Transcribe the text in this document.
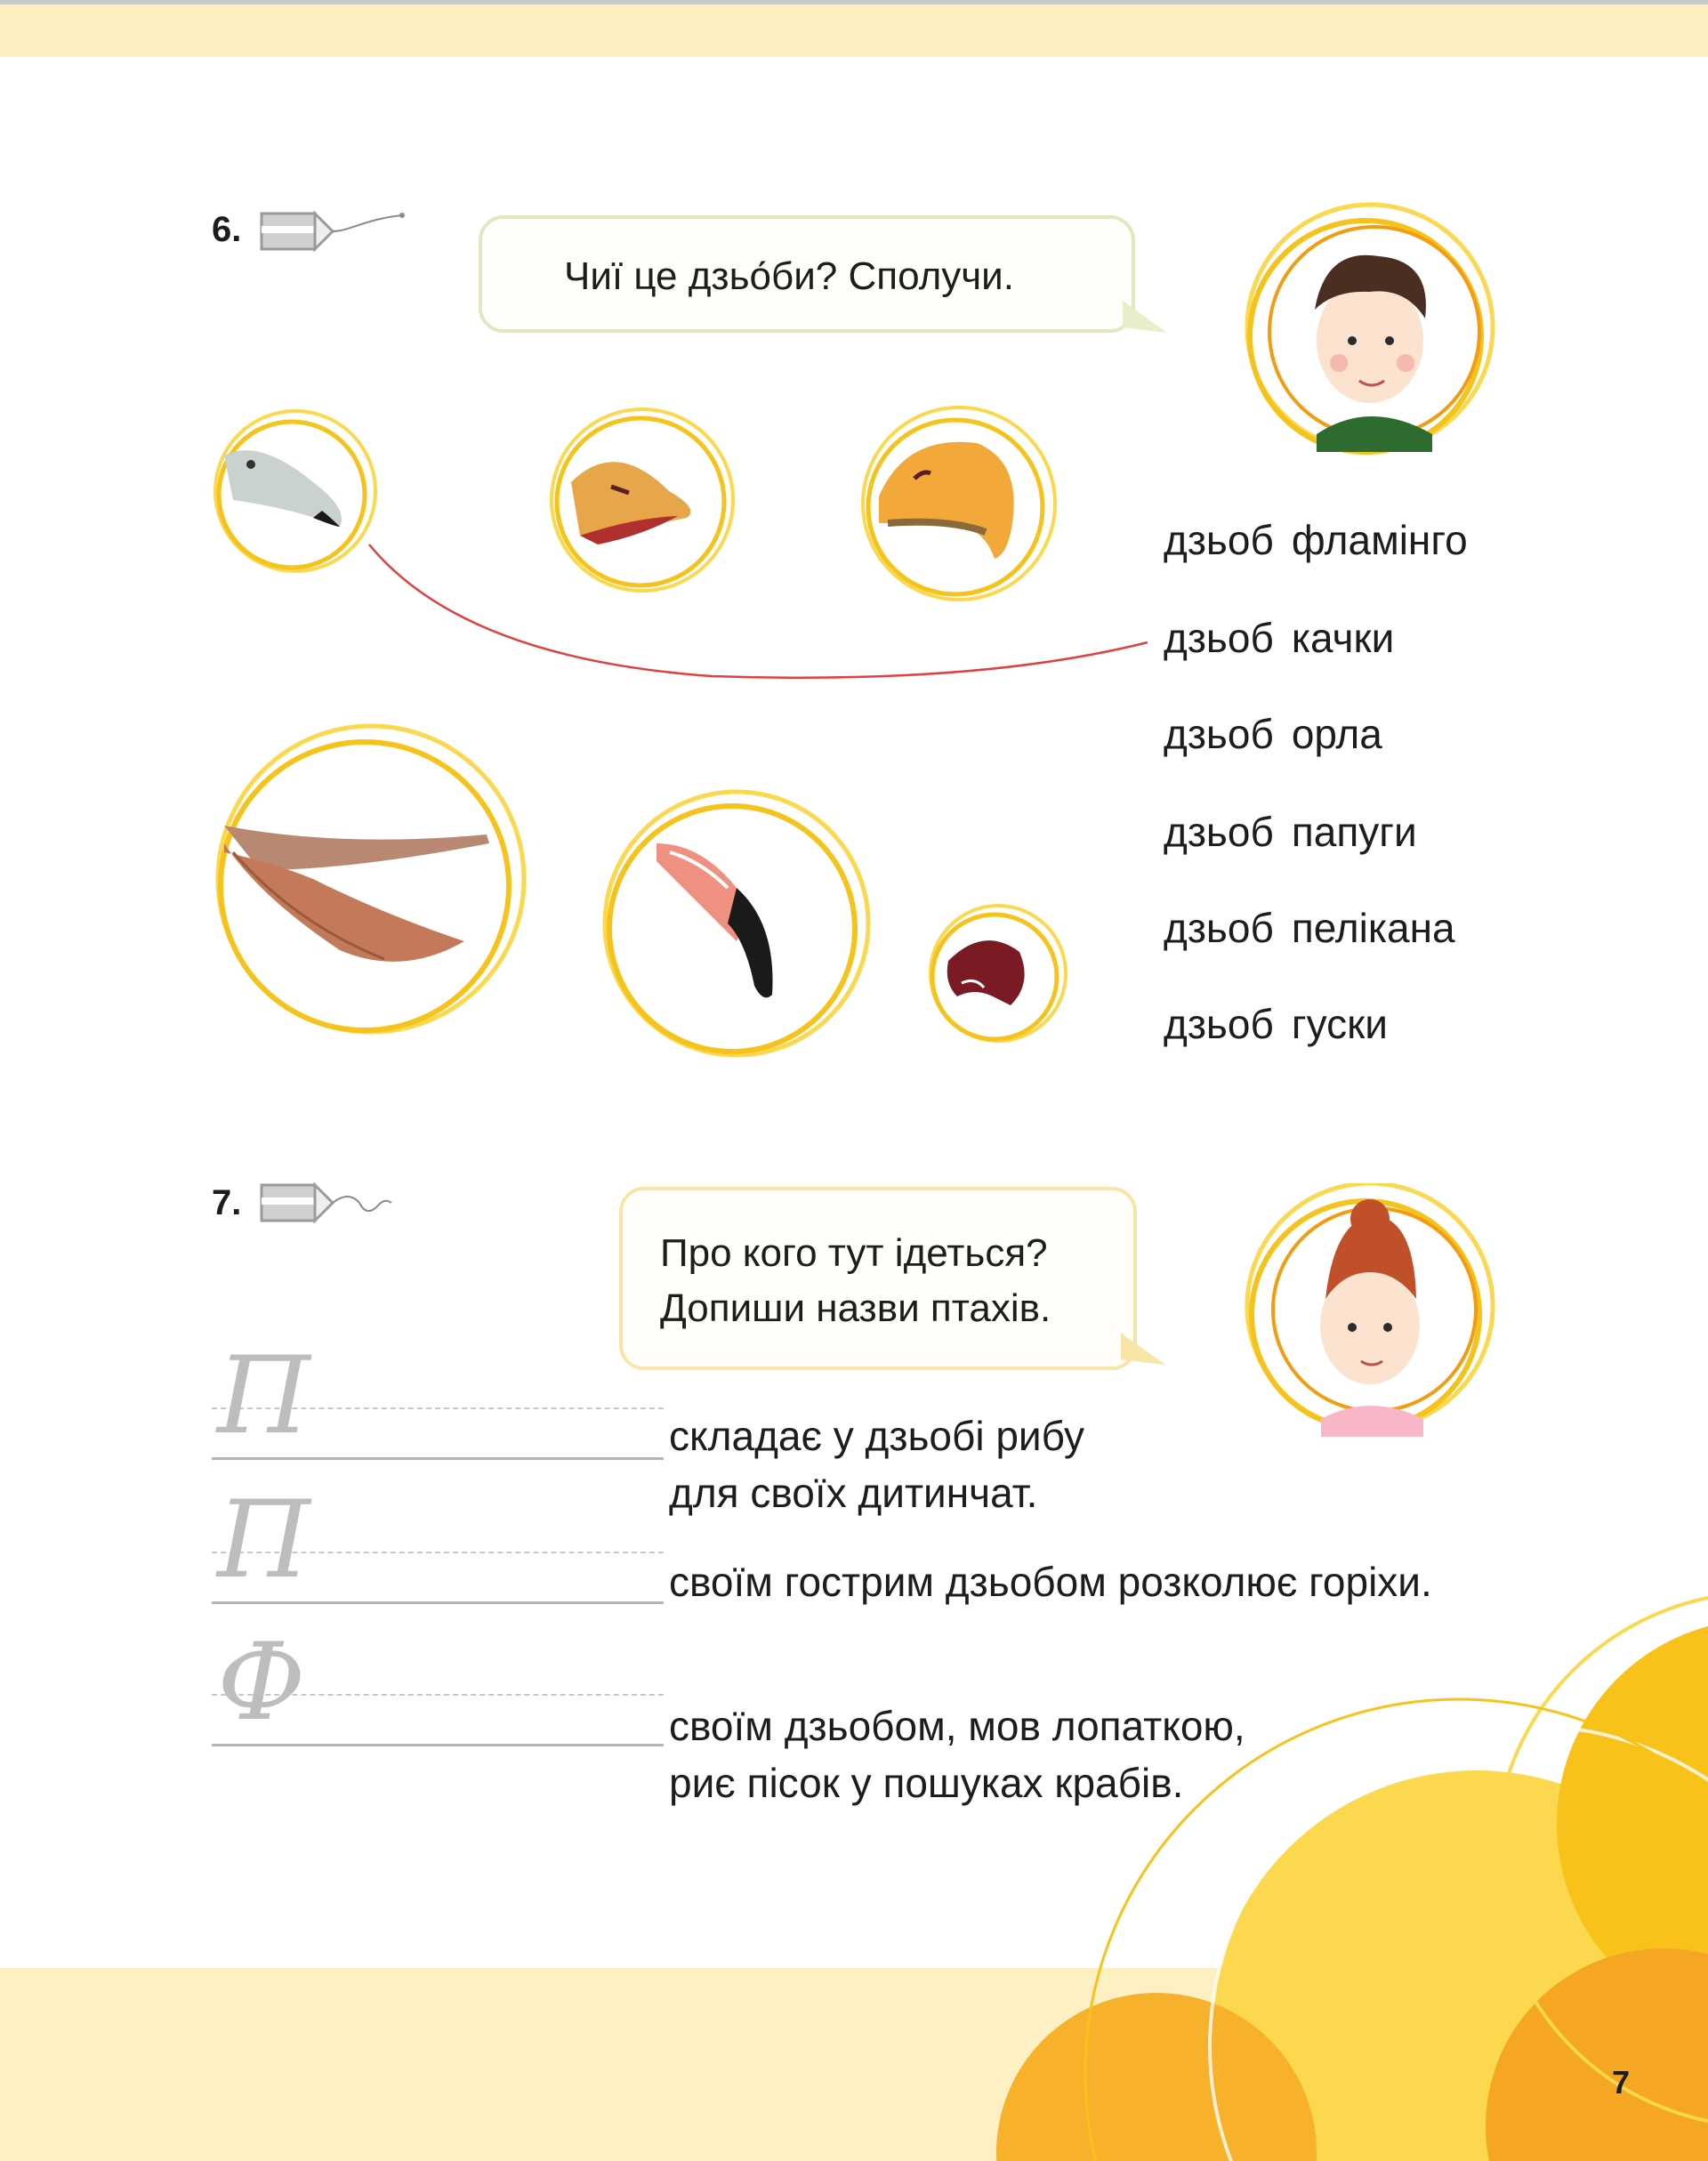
6.
Чиї це дзьо́би? Сполучи.
дзьоб фламінго
дзьоб качки
дзьоб орла
дзьоб папуги
дзьоб пелікана
дзьоб гуски
7.
Про кого тут ідеться?
Допиши назви птахів.
П	складає у дзьобі рибу
для своїх дитинчат.
П	своїм гострим дзьобом розколює горіхи.
Ф	своїм дзьобом, мов лопаткою,
риє пісок у пошуках крабів.
7
